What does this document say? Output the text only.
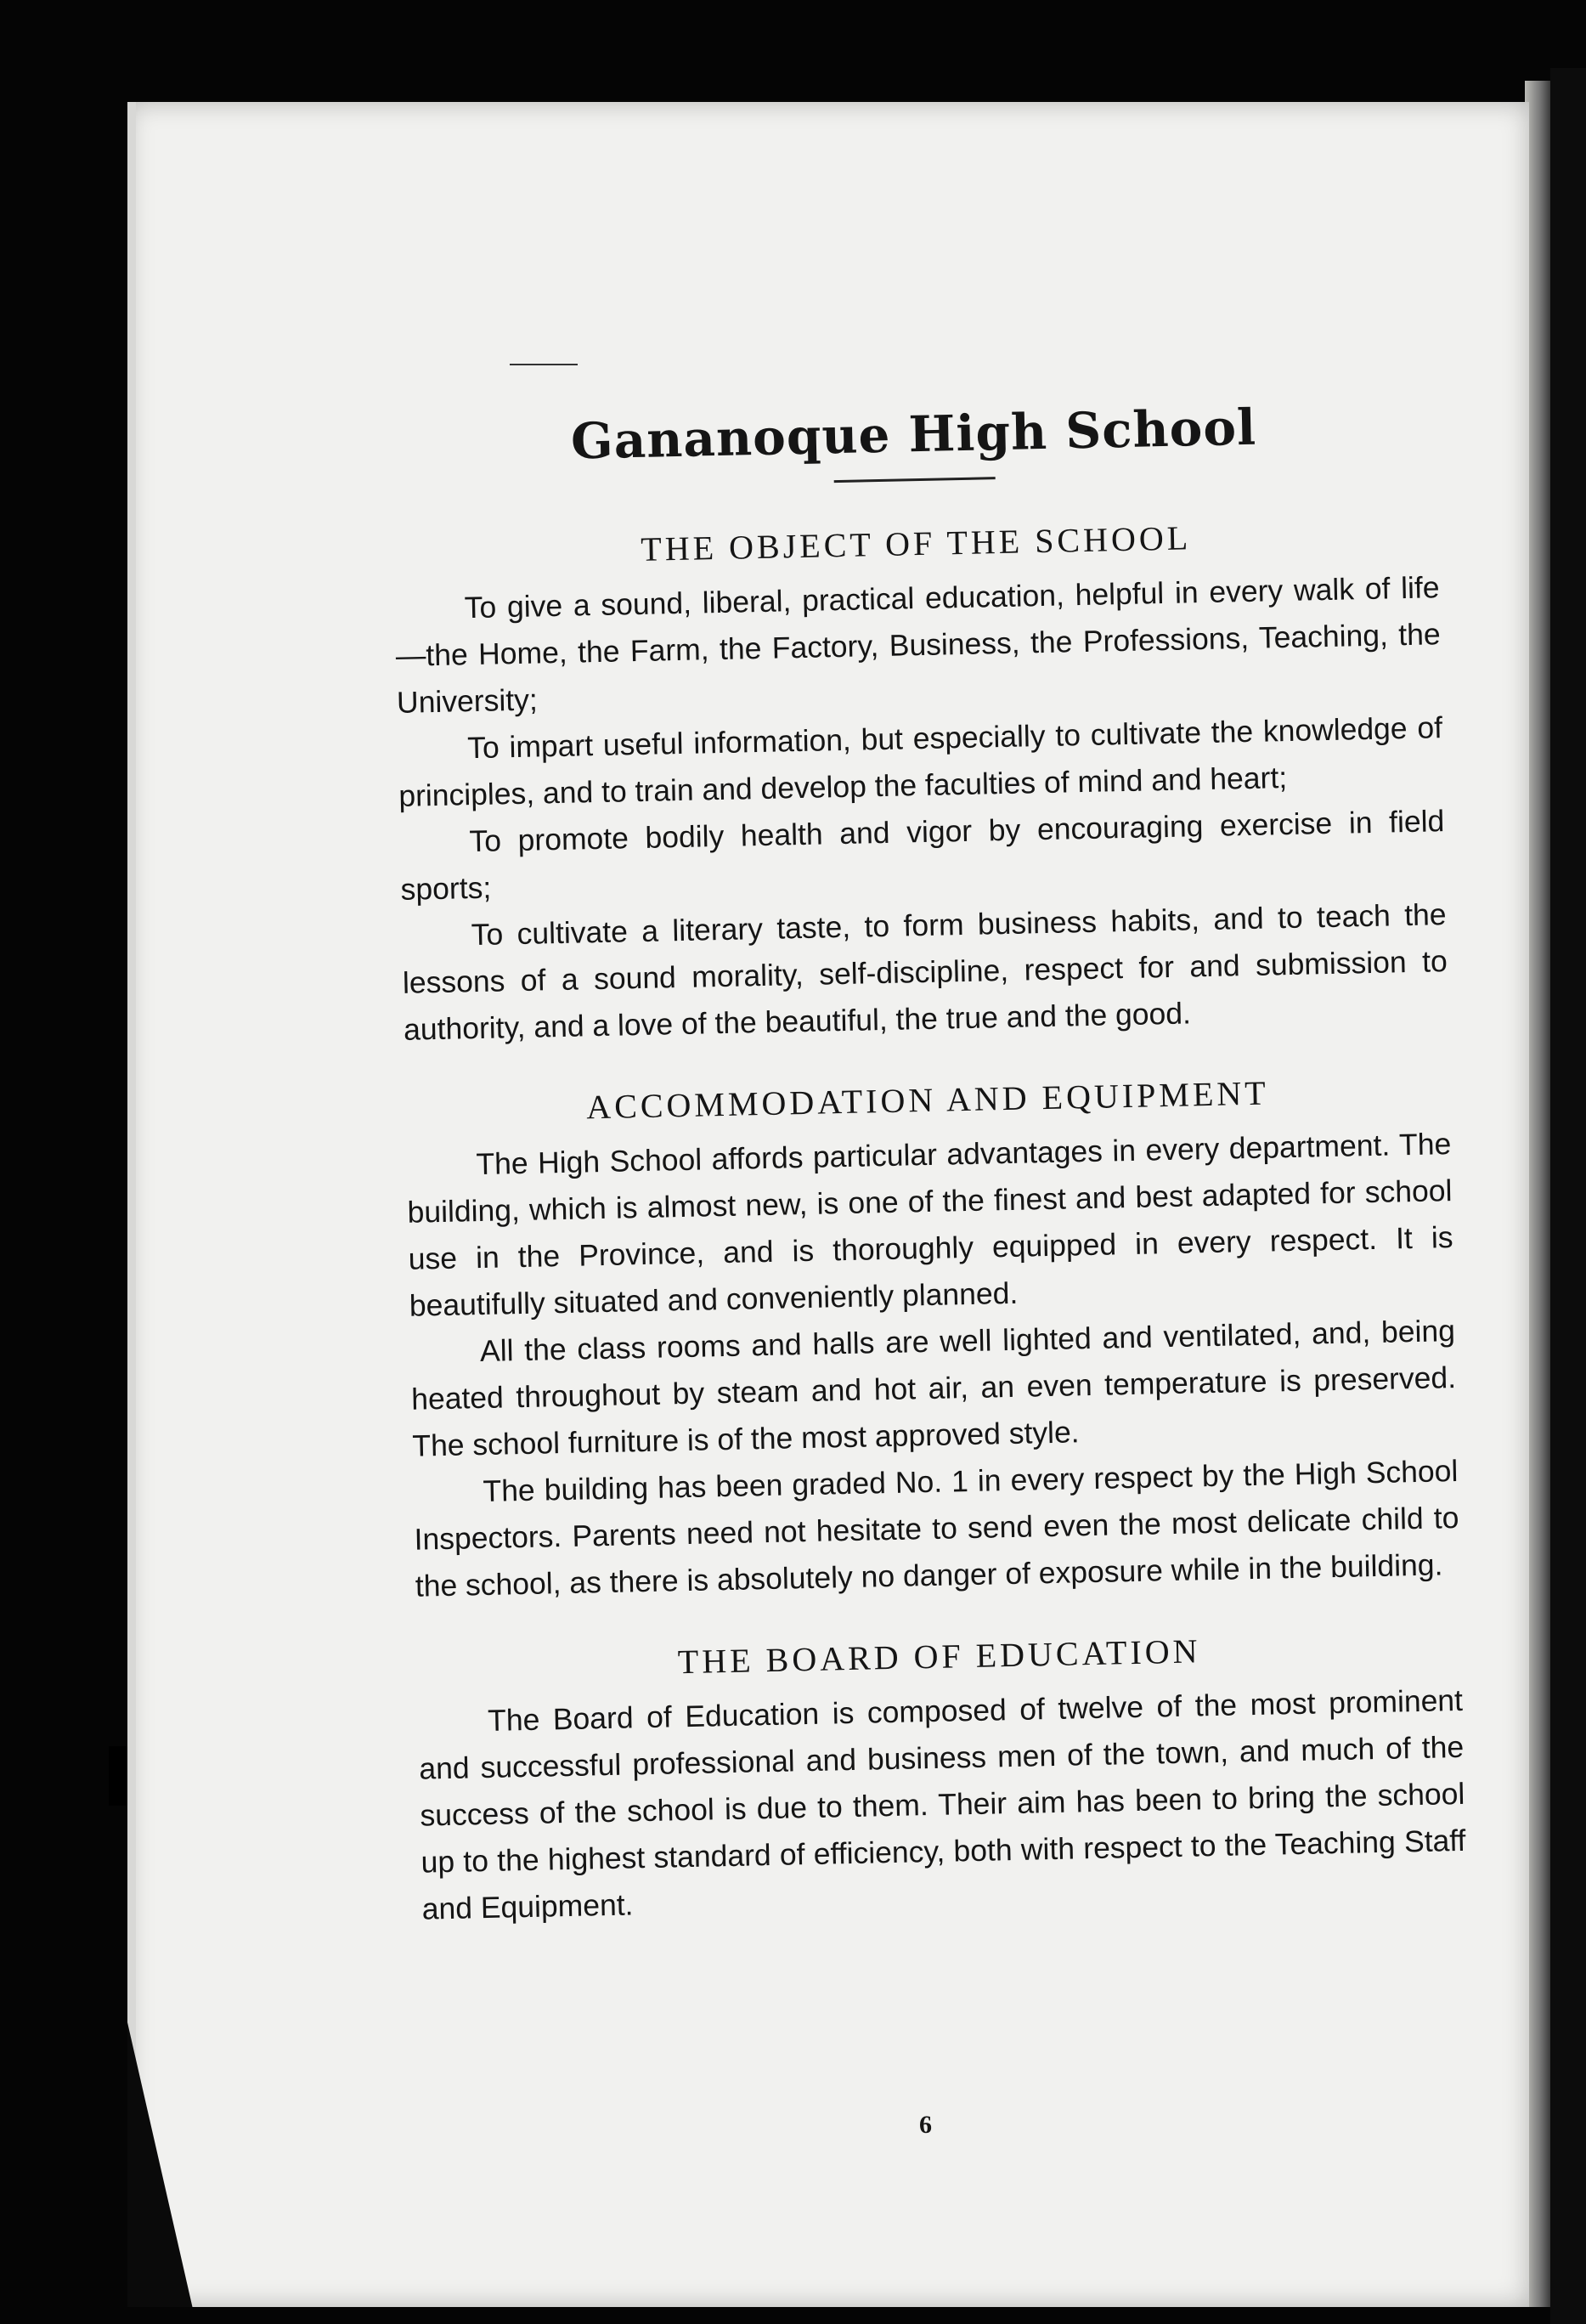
Gananoque High School
THE OBJECT OF THE SCHOOL

To give a sound, liberal, practical education, helpful in every walk of life—the Home, the Farm, the Factory, Business, the Professions, Teaching, the University;

To impart useful information, but especially to cultivate the knowledge of principles, and to train and develop the faculties of mind and heart;

To promote bodily health and vigor by encouraging exercise in field sports;

To cultivate a literary taste, to form business habits, and to teach the lessons of a sound morality, self-discipline, respect for and submission to authority, and a love of the beautiful, the true and the good.

ACCOMMODATION AND EQUIPMENT

The High School affords particular advantages in every department. The building, which is almost new, is one of the finest and best adapted for school use in the Province, and is thoroughly equipped in every respect. It is beautifully situated and conveniently planned.

All the class rooms and halls are well lighted and ventilated, and, being heated throughout by steam and hot air, an even temperature is preserved. The school furniture is of the most approved style.

The building has been graded No. 1 in every respect by the High School Inspectors. Parents need not hesitate to send even the most delicate child to the school, as there is absolutely no danger of exposure while in the building.

THE BOARD OF EDUCATION

The Board of Education is composed of twelve of the most prominent and successful professional and business men of the town, and much of the success of the school is due to them. Their aim has been to bring the school up to the highest standard of efficiency, both with respect to the Teaching Staff and Equipment.

6
